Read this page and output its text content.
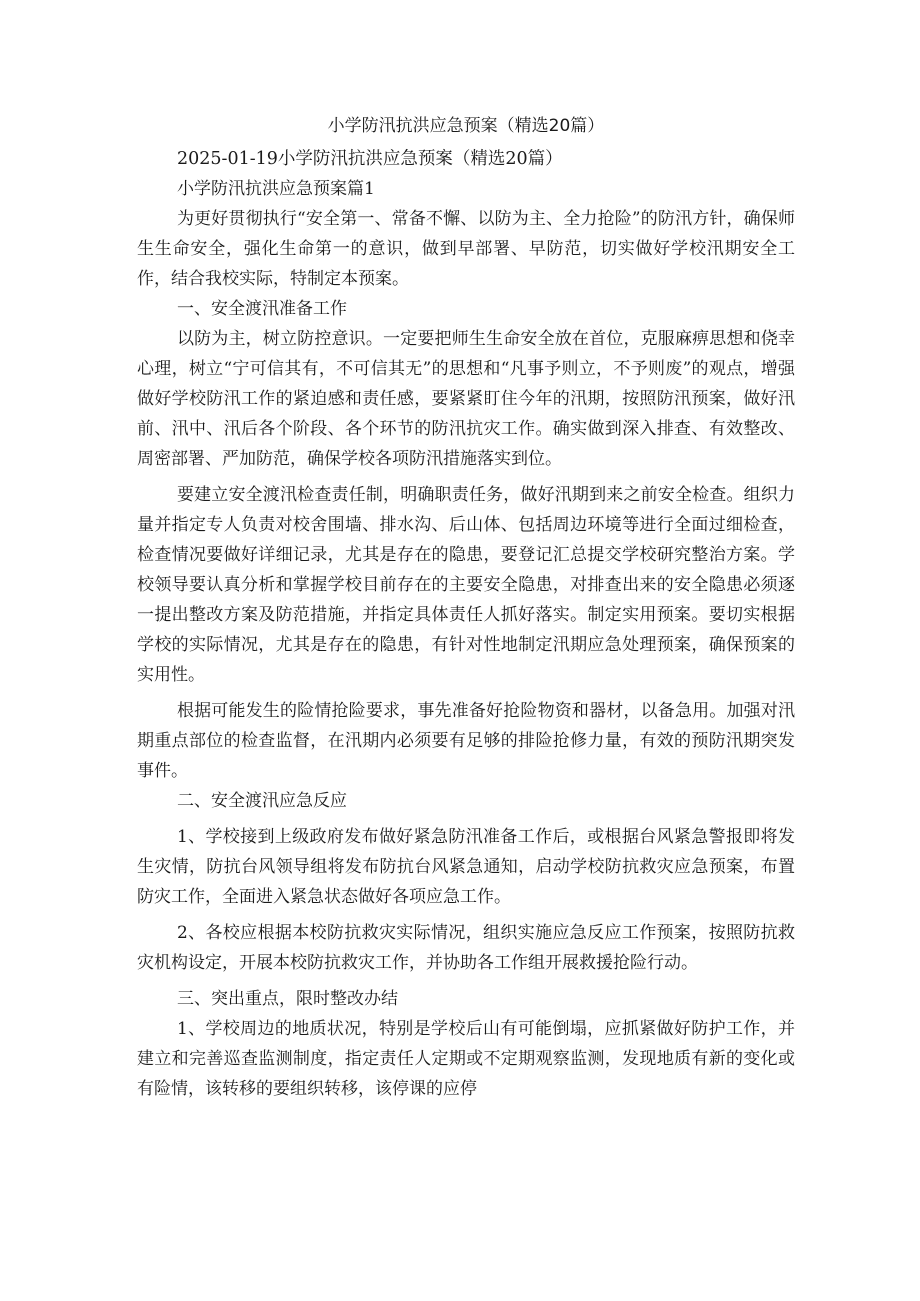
小学防汛抗洪应急预案（精选20篇）

2025-01-19小学防汛抗洪应急预案（精选20篇）

小学防汛抗洪应急预案篇1

为更好贯彻执行“安全第一、常备不懈、以防为主、全力抢险”的防汛方针，确保师生生命安全，强化生命第一的意识，做到早部署、早防范，切实做好学校汛期安全工作，结合我校实际，特制定本预案。

一、安全渡汛准备工作

以防为主，树立防控意识。一定要把师生生命安全放在首位，克服麻痹思想和侥幸心理，树立“宁可信其有，不可信其无”的思想和“凡事予则立，不予则废”的观点，增强做好学校防汛工作的紧迫感和责任感，要紧紧盯住今年的汛期，按照防汛预案，做好汛前、汛中、汛后各个阶段、各个环节的防汛抗灾工作。确实做到深入排查、有效整改、周密部署、严加防范，确保学校各项防汛措施落实到位。

要建立安全渡汛检查责任制，明确职责任务，做好汛期到来之前安全检查。组织力量并指定专人负责对校舍围墙、排水沟、后山体、包括周边环境等进行全面过细检查，检查情况要做好详细记录，尤其是存在的隐患，要登记汇总提交学校研究整治方案。学校领导要认真分析和掌握学校目前存在的主要安全隐患，对排查出来的安全隐患必须逐一提出整改方案及防范措施，并指定具体责任人抓好落实。制定实用预案。要切实根据学校的实际情况，尤其是存在的隐患，有针对性地制定汛期应急处理预案，确保预案的实用性。

根据可能发生的险情抢险要求，事先准备好抢险物资和器材，以备急用。加强对汛期重点部位的检查监督，在汛期内必须要有足够的排险抢修力量，有效的预防汛期突发事件。

二、安全渡汛应急反应

1、学校接到上级政府发布做好紧急防汛准备工作后，或根据台风紧急警报即将发生灾情，防抗台风领导组将发布防抗台风紧急通知，启动学校防抗救灾应急预案，布置防灾工作，全面进入紧急状态做好各项应急工作。

2、各校应根据本校防抗救灾实际情况，组织实施应急反应工作预案，按照防抗救灾机构设定，开展本校防抗救灾工作，并协助各工作组开展救援抢险行动。

三、突出重点，限时整改办结

1、学校周边的地质状况，特别是学校后山有可能倒塌，应抓紧做好防护工作，并建立和完善巡查监测制度，指定责任人定期或不定期观察监测，发现地质有新的变化或有险情，该转移的要组织转移，该停课的应停
